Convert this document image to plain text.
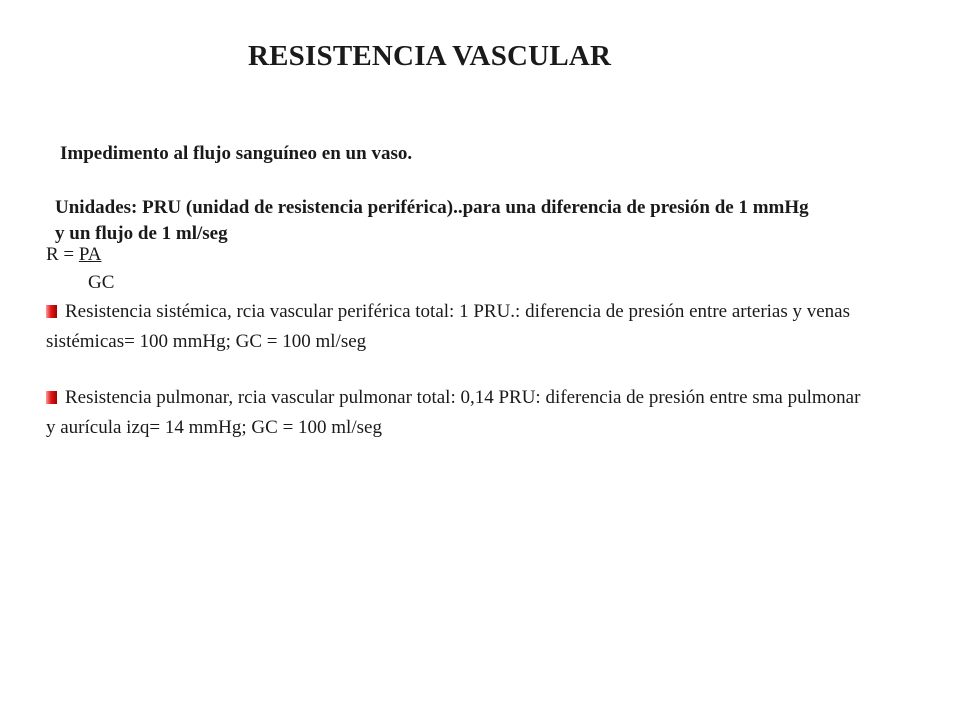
RESISTENCIA VASCULAR
Impedimento al flujo sanguíneo en un vaso.
Unidades: PRU (unidad de resistencia periférica)..para una diferencia de presión de 1 mmHg y un flujo de 1 ml/seg
R = PA
GC
Resistencia sistémica, rcia vascular periférica total: 1 PRU.: diferencia de presión entre arterias y venas sistémicas= 100 mmHg; GC = 100 ml/seg
Resistencia pulmonar, rcia vascular pulmonar total: 0,14 PRU: diferencia de presión entre sma pulmonar y aurícula izq= 14 mmHg; GC = 100 ml/seg
